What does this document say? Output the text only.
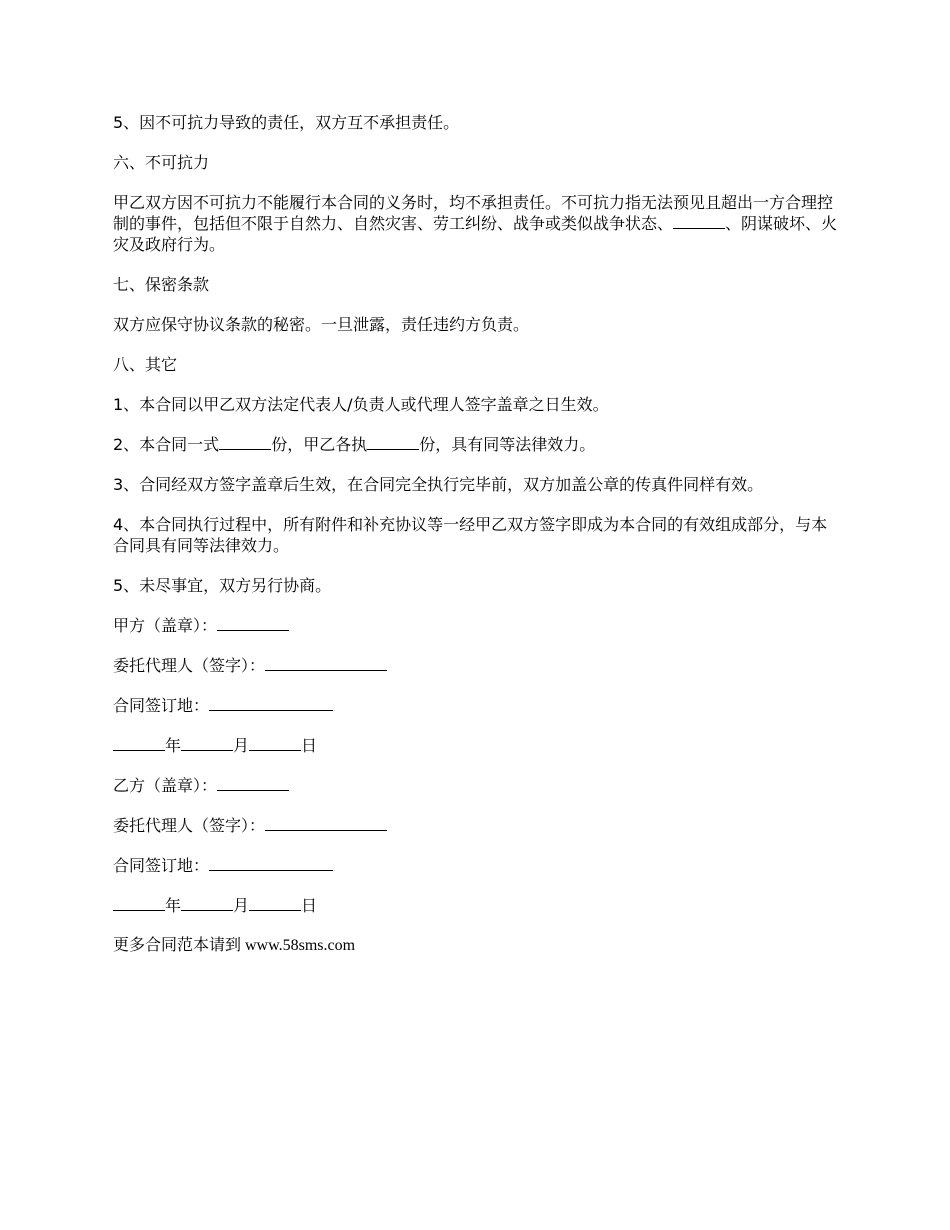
5、因不可抗力导致的责任，双方互不承担责任。

六、不可抗力

甲乙双方因不可抗力不能履行本合同的义务时，均不承担责任。不可抗力指无法预见且超出一方合理控制的事件，包括但不限于自然力、自然灾害、劳工纠纷、战争或类似战争状态、	、阴谋破坏、火灾及政府行为。

七、保密条款

双方应保守协议条款的秘密。一旦泄露，责任违约方负责。

八、其它

1、本合同以甲乙双方法定代表人/负责人或代理人签字盖章之日生效。

2、本合同一式	份，甲乙各执	份，具有同等法律效力。

3、合同经双方签字盖章后生效，在合同完全执行完毕前，双方加盖公章的传真件同样有效。

4、本合同执行过程中，所有附件和补充协议等一经甲乙双方签字即成为本合同的有效组成部分，与本合同具有同等法律效力。

5、未尽事宜，双方另行协商。

甲方（盖章）：

委托代理人（签字）：

合同签订地：

年	月	日

乙方（盖章）：

委托代理人（签字）：

合同签订地：

年	月	日

更多合同范本请到 www.58sms.com
